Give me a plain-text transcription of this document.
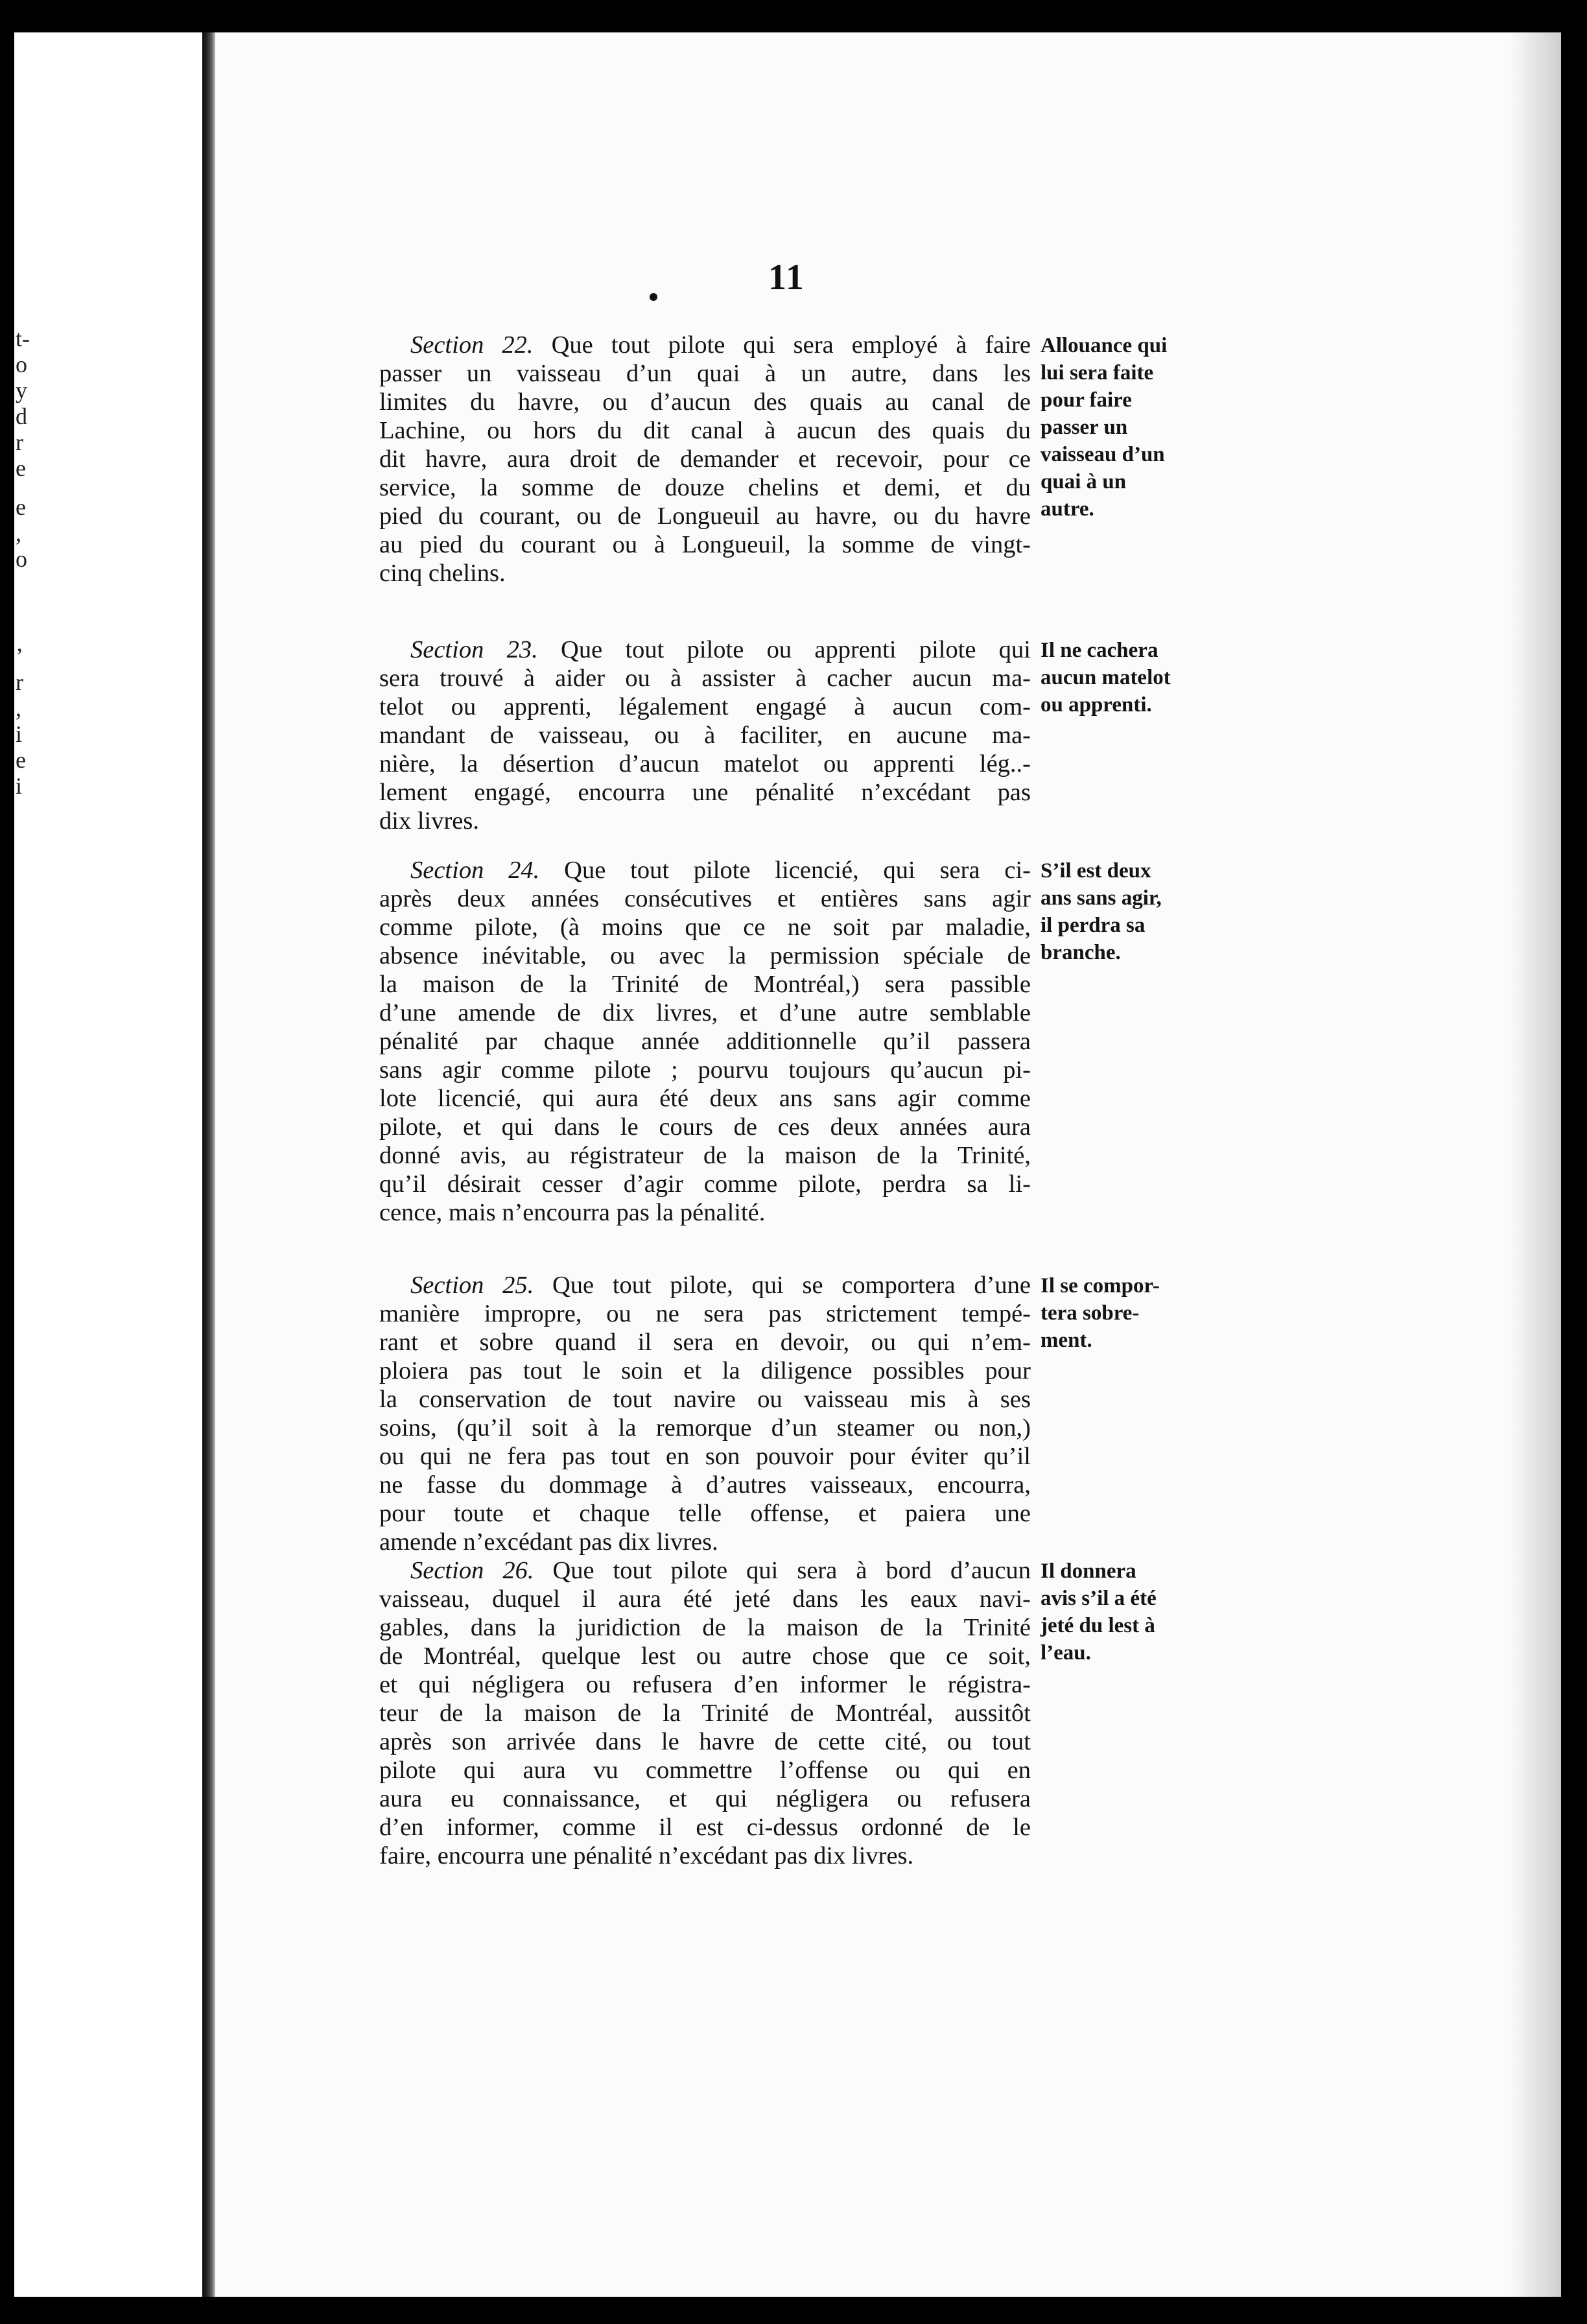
t-
o
y
d
r
e
e
,
o
’
r
,
i
e
i
11
Section 22. Que tout pilote qui sera employé à faire
passer un vaisseau d’un quai à un autre, dans les
limites du havre, ou d’aucun des quais au canal de
Lachine, ou hors du dit canal à aucun des quais du
dit havre, aura droit de demander et recevoir, pour ce
service, la somme de douze chelins et demi, et du
pied du courant, ou de Longueuil au havre, ou du havre
au pied du courant ou à Longueuil, la somme de vingt-
cinq chelins.
Allouance qui
lui sera faite
pour faire
passer un
vaisseau d’un
quai à un
autre.
Section 23. Que tout pilote ou apprenti pilote qui
sera trouvé à aider ou à assister à cacher aucun ma-
telot ou apprenti, légalement engagé à aucun com-
mandant de vaisseau, ou à faciliter, en aucune ma-
nière, la désertion d’aucun matelot ou apprenti lég..-
lement engagé, encourra une pénalité n’excédant pas
dix livres.
Il ne cachera
aucun matelot
ou apprenti.
Section 24. Que tout pilote licencié, qui sera ci-
après deux années consécutives et entières sans agir
comme pilote, (à moins que ce ne soit par maladie,
absence inévitable, ou avec la permission spéciale de
la maison de la Trinité de Montréal,) sera passible
d’une amende de dix livres, et d’une autre semblable
pénalité par chaque année additionnelle qu’il passera
sans agir comme pilote ; pourvu toujours qu’aucun pi-
lote licencié, qui aura été deux ans sans agir comme
pilote, et qui dans le cours de ces deux années aura
donné avis, au régistrateur de la maison de la Trinité,
qu’il désirait cesser d’agir comme pilote, perdra sa li-
cence, mais n’encourra pas la pénalité.
S’il est deux
ans sans agir,
il perdra sa
branche.
Section 25. Que tout pilote, qui se comportera d’une
manière impropre, ou ne sera pas strictement tempé-
rant et sobre quand il sera en devoir, ou qui n’em-
ploiera pas tout le soin et la diligence possibles pour
la conservation de tout navire ou vaisseau mis à ses
soins, (qu’il soit à la remorque d’un steamer ou non,)
ou qui ne fera pas tout en son pouvoir pour éviter qu’il
ne fasse du dommage à d’autres vaisseaux, encourra,
pour toute et chaque telle offense, et paiera une
amende n’excédant pas dix livres.
Il se compor-
tera sobre-
ment.
Section 26. Que tout pilote qui sera à bord d’aucun
vaisseau, duquel il aura été jeté dans les eaux navi-
gables, dans la juridiction de la maison de la Trinité
de Montréal, quelque lest ou autre chose que ce soit,
et qui négligera ou refusera d’en informer le régistra-
teur de la maison de la Trinité de Montréal, aussitôt
après son arrivée dans le havre de cette cité, ou tout
pilote qui aura vu commettre l’offense ou qui en
aura eu connaissance, et qui négligera ou refusera
d’en informer, comme il est ci-dessus ordonné de le
faire, encourra une pénalité n’excédant pas dix livres.
Il donnera
avis s’il a été
jeté du lest à
l’eau.
